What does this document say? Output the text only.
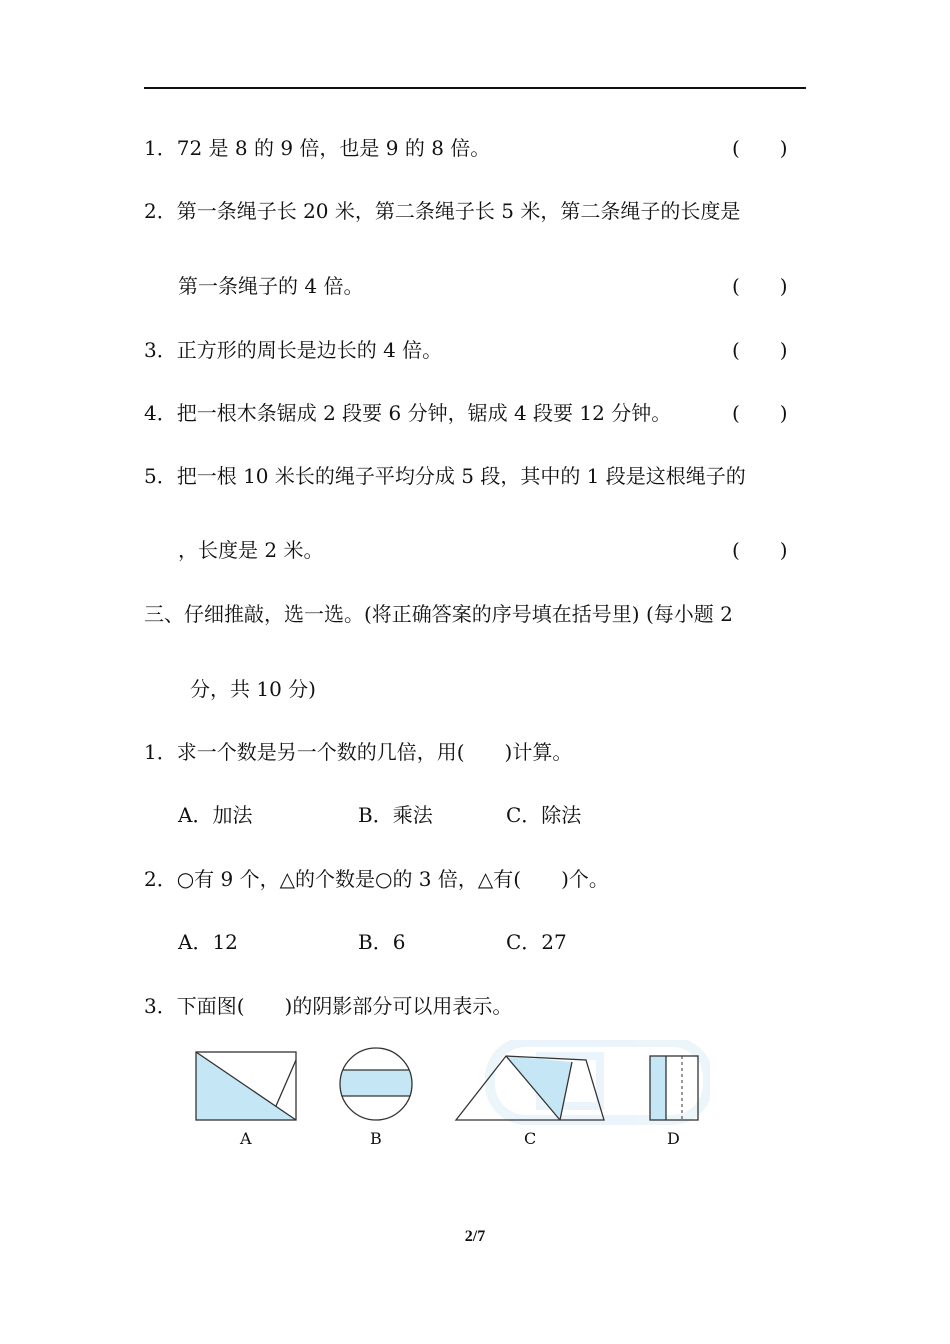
1．72 是 8 的 9 倍，也是 9 的 8 倍。	(　　)
2．第一条绳子长 20 米，第二条绳子长 5 米，第二条绳子的长度是
第一条绳子的 4 倍。	(　　)
3．正方形的周长是边长的 4 倍。	(　　)
4．把一根木条锯成 2 段要 6 分钟，锯成 4 段要 12 分钟。	(　　)
5．把一根 10 米长的绳子平均分成 5 段，其中的 1 段是这根绳子的
，长度是 2 米。	(　　)
三、仔细推敲，选一选。(将正确答案的序号填在括号里) (每小题 2
分，共 10 分)
1．求一个数是另一个数的几倍，用(　　)计算。
A．加法	B．乘法	C．除法
2．○有 9 个，△的个数是○的 3 倍，△有(　　)个。
A．12	B．6	C．27
3．下面图(　　)的阴影部分可以用表示。
A	B	C	D
2/7
